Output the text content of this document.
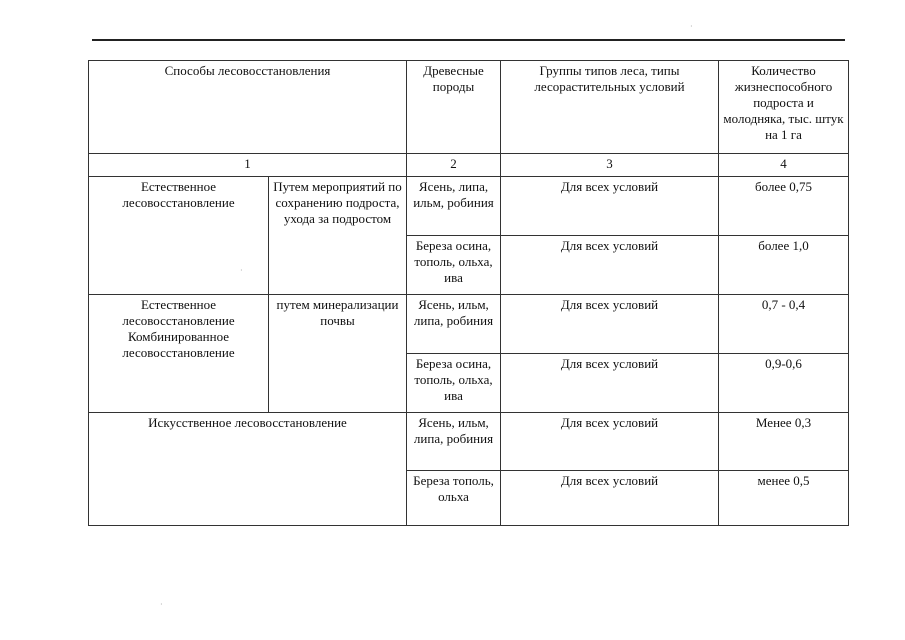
·
·
·
Способы лесовосстановления		Древесные породы	Группы типов леса, типы лесорастительных условий	Количество жизнеспособного подроста и молодняка, тыс. штук на 1 га
1		2	3	4
Естественное лесовосстановление	Путем мероприятий по сохранению подроста, ухода за подростом	Ясень, липа, ильм, робиния	Для всех условий	более 0,75
		Береза осина, тополь, ольха, ива	Для всех условий	более 1,0
Естественное лесовосстановление Комбинированное лесовосстановление	путем минерализации почвы	Ясень, ильм, липа, робиния	Для всех условий	0,7 - 0,4
		Береза осина, тополь, ольха, ива	Для всех условий	0,9-0,6
Искусственное лесовосстановление		Ясень, ильм, липа, робиния	Для всех условий	Менее 0,3
		Береза тополь, ольха	Для всех условий	менее 0,5
